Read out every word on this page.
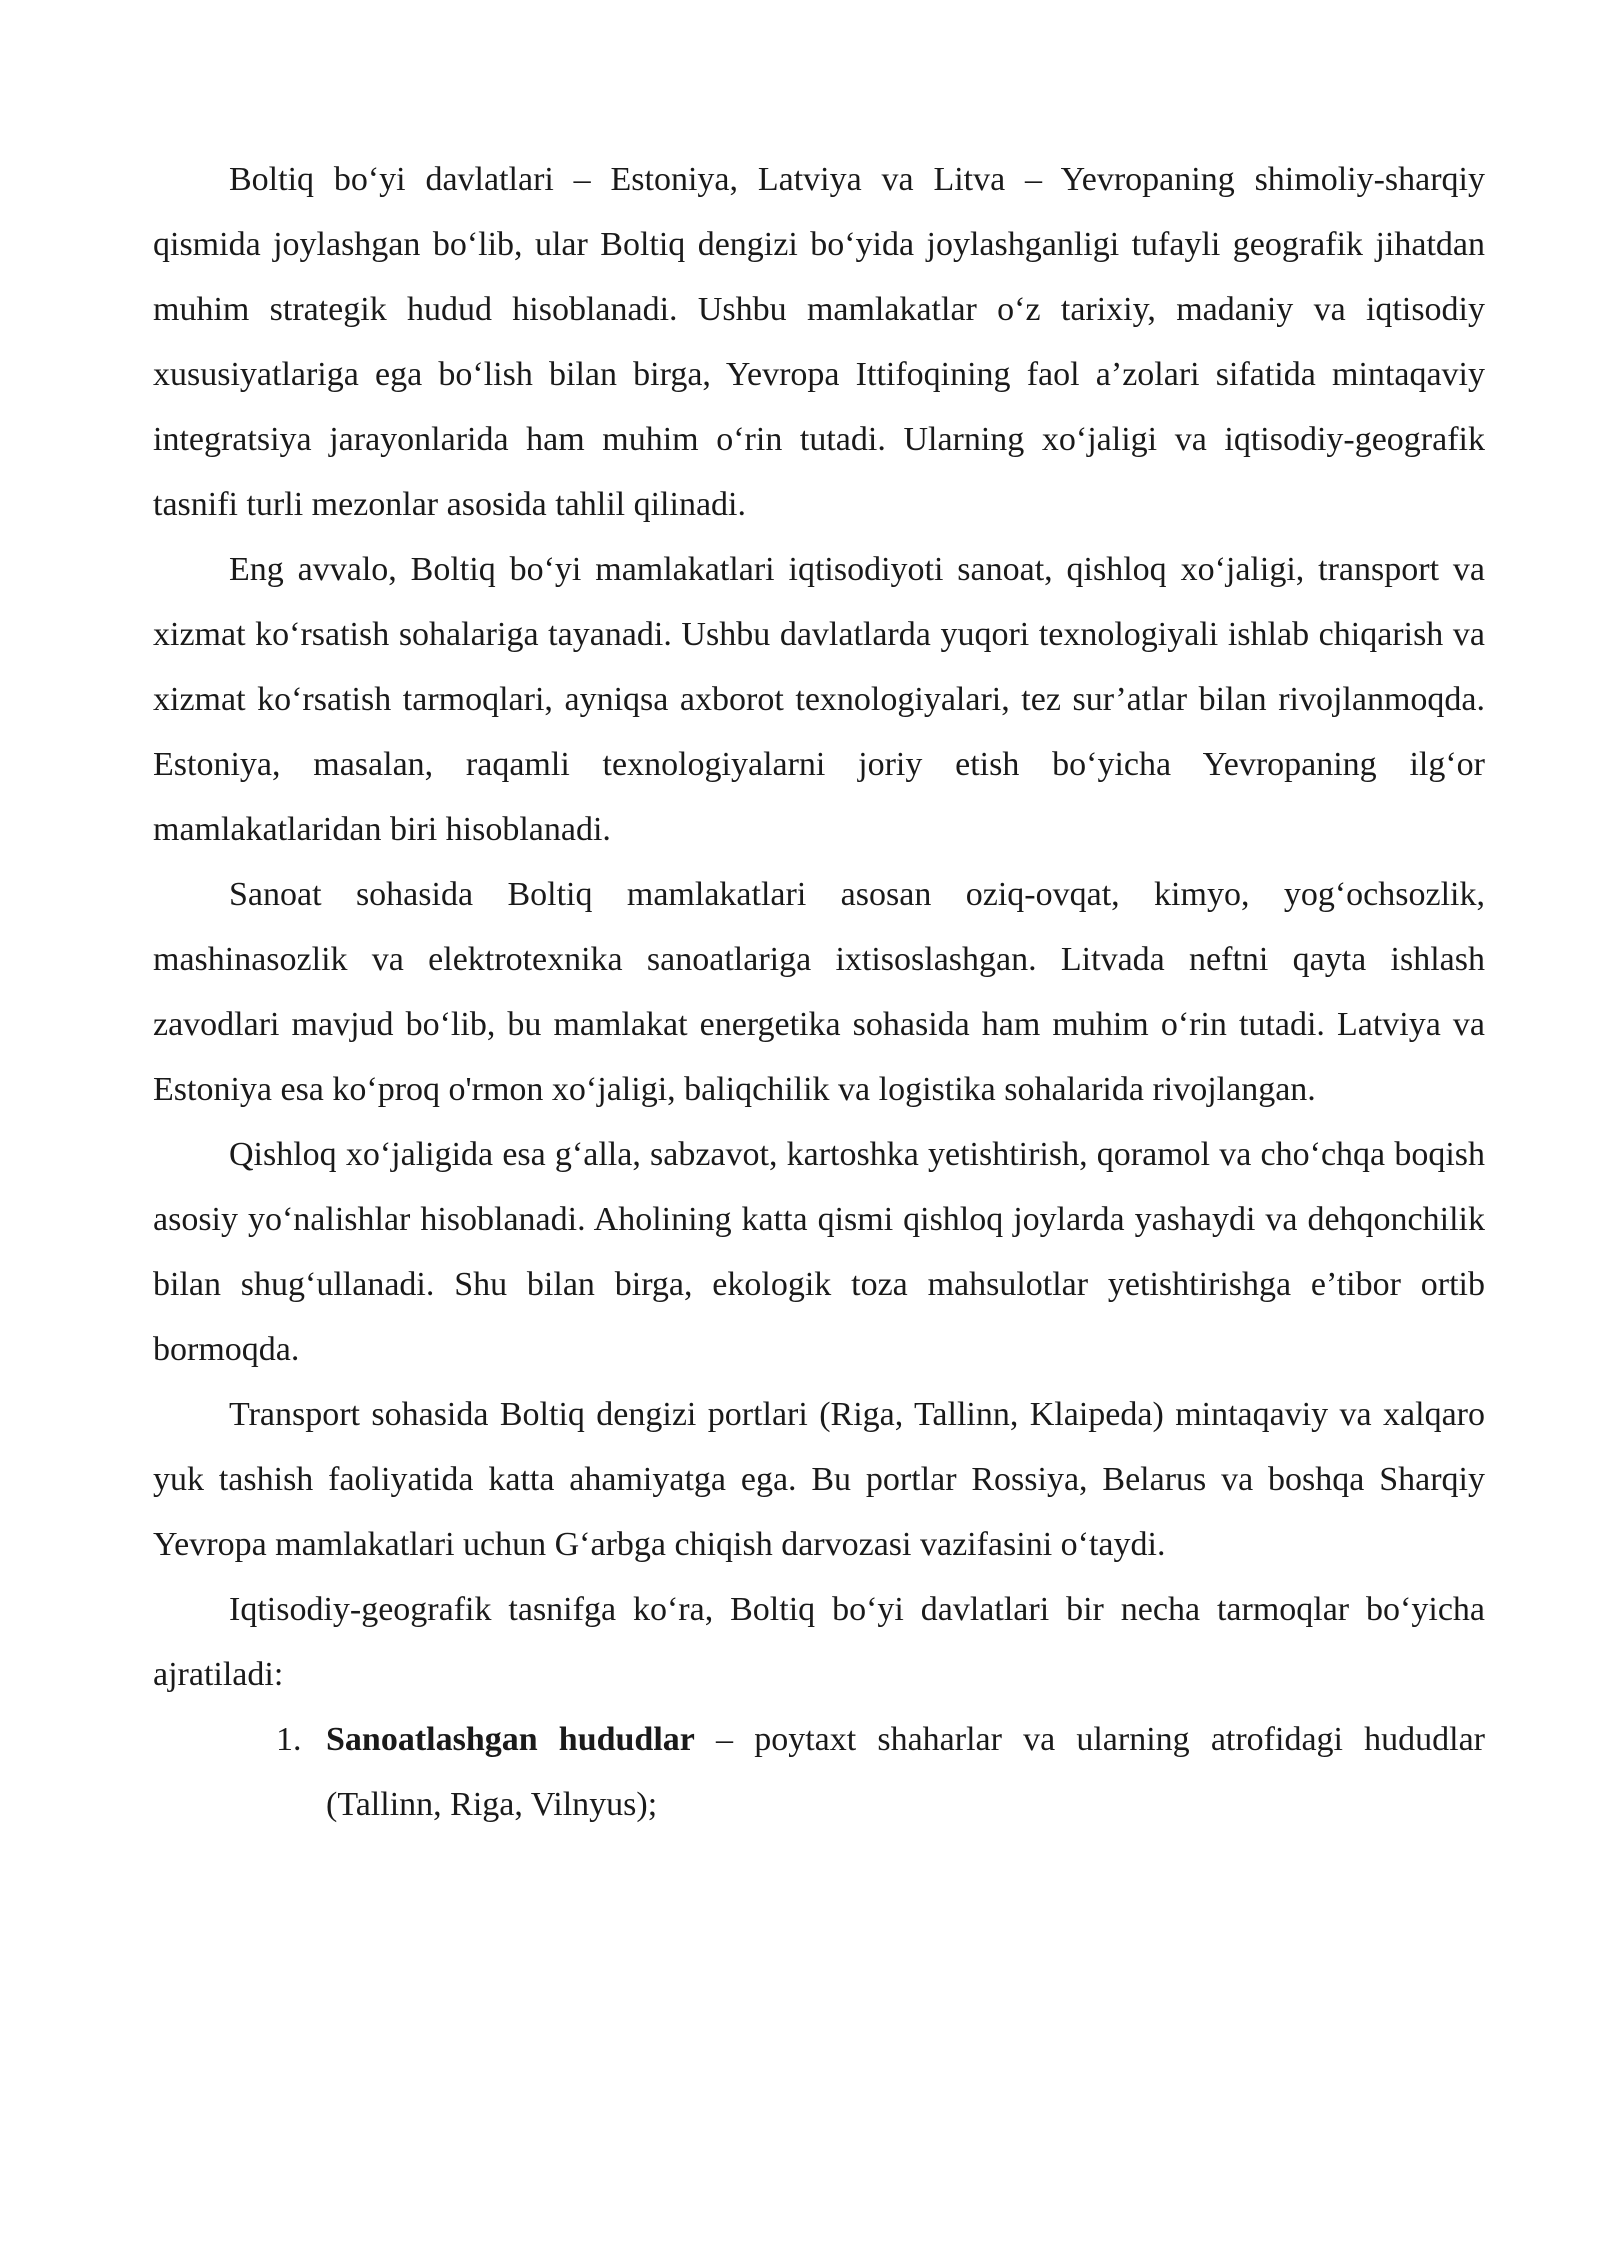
Boltiq bo‘yi davlatlari – Estoniya, Latviya va Litva – Yevropaning shimoliy-sharqiy qismida joylashgan bo‘lib, ular Boltiq dengizi bo‘yida joylashganligi tufayli geografik jihatdan muhim strategik hudud hisoblanadi. Ushbu mamlakatlar o‘z tarixiy, madaniy va iqtisodiy xususiyatlariga ega bo‘lish bilan birga, Yevropa Ittifoqining faol a’zolari sifatida mintaqaviy integratsiya jarayonlarida ham muhim o‘rin tutadi. Ularning xo‘jaligi va iqtisodiy-geografik tasnifi turli mezonlar asosida tahlil qilinadi.

Eng avvalo, Boltiq bo‘yi mamlakatlari iqtisodiyoti sanoat, qishloq xo‘jaligi, transport va xizmat ko‘rsatish sohalariga tayanadi. Ushbu davlatlarda yuqori texnologiyali ishlab chiqarish va xizmat ko‘rsatish tarmoqlari, ayniqsa axborot texnologiyalari, tez sur’atlar bilan rivojlanmoqda. Estoniya, masalan, raqamli texnologiyalarni joriy etish bo‘yicha Yevropaning ilg‘or mamlakatlaridan biri hisoblanadi.

Sanoat sohasida Boltiq mamlakatlari asosan oziq-ovqat, kimyo, yog‘ochsozlik, mashinasozlik va elektrotexnika sanoatlariga ixtisoslashgan. Litvada neftni qayta ishlash zavodlari mavjud bo‘lib, bu mamlakat energetika sohasida ham muhim o‘rin tutadi. Latviya va Estoniya esa ko‘proq o'rmon xo‘jaligi, baliqchilik va logistika sohalarida rivojlangan.

Qishloq xo‘jaligida esa g‘alla, sabzavot, kartoshka yetishtirish, qoramol va cho‘chqa boqish asosiy yo‘nalishlar hisoblanadi. Aholining katta qismi qishloq joylarda yashaydi va dehqonchilik bilan shug‘ullanadi. Shu bilan birga, ekologik toza mahsulotlar yetishtirishga e’tibor ortib bormoqda.

Transport sohasida Boltiq dengizi portlari (Riga, Tallinn, Klaipeda) mintaqaviy va xalqaro yuk tashish faoliyatida katta ahamiyatga ega. Bu portlar Rossiya, Belarus va boshqa Sharqiy Yevropa mamlakatlari uchun G‘arbga chiqish darvozasi vazifasini o‘taydi.

Iqtisodiy-geografik tasnifga ko‘ra, Boltiq bo‘yi davlatlari bir necha tarmoqlar bo‘yicha ajratiladi:

1. Sanoatlashgan hududlar – poytaxt shaharlar va ularning atrofidagi hududlar (Tallinn, Riga, Vilnyus);
